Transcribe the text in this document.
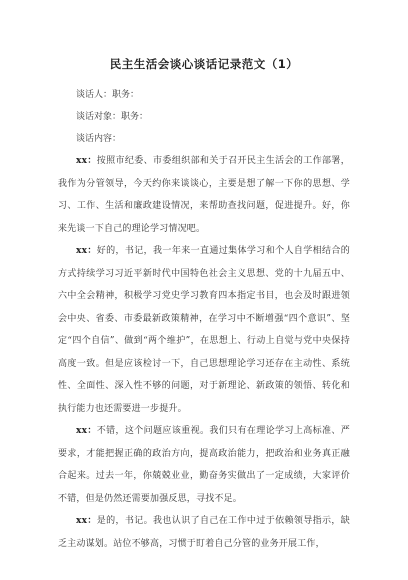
民主生活会谈心谈话记录范文（1）
谈话人：职务：
谈话对象：职务：
谈话内容：

xx：按照市纪委、市委组织部和关于召开民主生活会的工作部署，我作为分管领导，今天约你来谈谈心，主要是想了解一下你的思想、学习、工作、生活和廉政建设情况，来帮助查找问题，促进提升。好，你来先谈一下自己的理论学习情况吧。

xx：好的，书记，我一年来一直通过集体学习和个人自学相结合的方式持续学习习近平新时代中国特色社会主义思想、党的十九届五中、六中全会精神，积极学习党史学习教育四本指定书目，也会及时跟进领会中央、省委、市委最新政策精神，在学习中不断增强“四个意识”、坚定“四个自信”、做到“两个维护”，在思想上、行动上自觉与党中央保持高度一致。但是应该检讨一下，自己思想理论学习还存在主动性、系统性、全面性、深入性不够的问题，对于新理论、新政策的领悟、转化和执行能力也还需要进一步提升。

xx：不错，这个问题应该重视。我们只有在理论学习上高标准、严要求，才能把握正确的政治方向，提高政治能力，把政治和业务真正融合起来。过去一年，你兢兢业业，勤奋务实做出了一定成绩，大家评价不错，但是仍然还需要加强反思，寻找不足。

xx：是的，书记。我也认识了自己在工作中过于依赖领导指示，缺乏主动谋划。站位不够高，习惯于盯着自己分管的业务开展工作，
